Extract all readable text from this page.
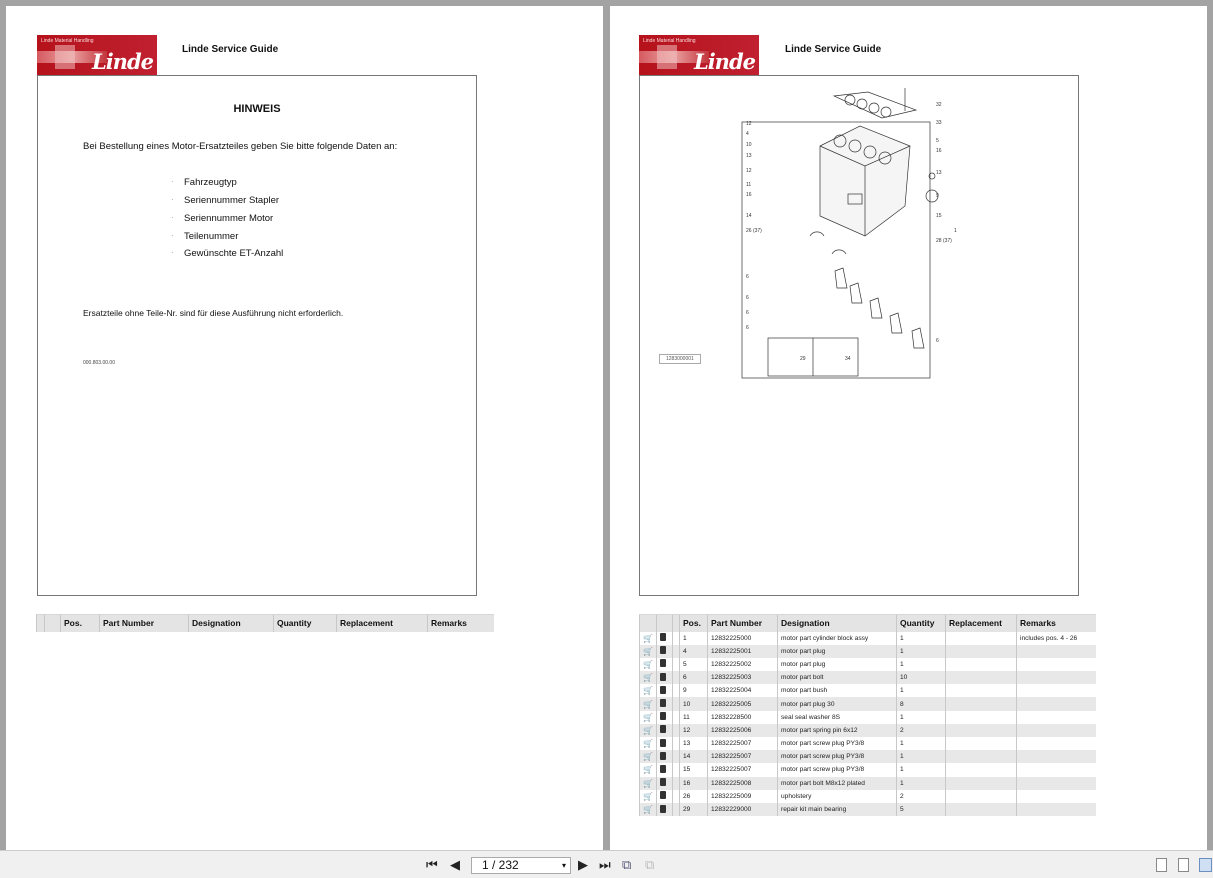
Linde Material Handling
Linde	Linde Service Guide
HINWEIS
Bei Bestellung eines Motor-Ersatzteiles geben Sie bitte folgende Daten an:
· Fahrzeugtyp
· Seriennummer Stapler
· Seriennummer Motor
· Teilenummer
· Gewünschte ET-Anzahl
Ersatzteile ohne Teile-Nr. sind für diese Ausführung nicht erforderlich.
000.803.00.00
		Pos.	Part Number	Designation	Quantity	Replacement	Remarks
Linde Material Handling
Linde	Linde Service Guide
1283000001
12
4
10
13
12
11
16
14
26 (37)
6
6
6
6
32
33
5
16
13
9
15
28 (37)
1
6
29	34
			Pos.	Part Number	Designation	Quantity	Replacement	Remarks
🛒			1	12832225000	motor part cylinder block assy	1		includes pos. 4 - 26
🛒			4	12832225001	motor part plug	1		
🛒			5	12832225002	motor part plug	1		
🛒			6	12832225003	motor part bolt	10		
🛒			9	12832225004	motor part bush	1		
🛒			10	12832225005	motor part plug 30	8		
🛒			11	12832228500	seal seal washer 8S	1		
🛒			12	12832225006	motor part spring pin 6x12	2		
🛒			13	12832225007	motor part screw plug PY3/8	1		
🛒			14	12832225007	motor part screw plug PY3/8	1		
🛒			15	12832225007	motor part screw plug PY3/8	1		
🛒			16	12832225008	motor part bolt M8x12 plated	1		
🛒			26	12832225009	upholstery	2		
🛒			29	12832229000	repair kit main bearing	5		
⏮ ◀	1 / 232	▾ ▶ ⏭ ⧉ ⧉
